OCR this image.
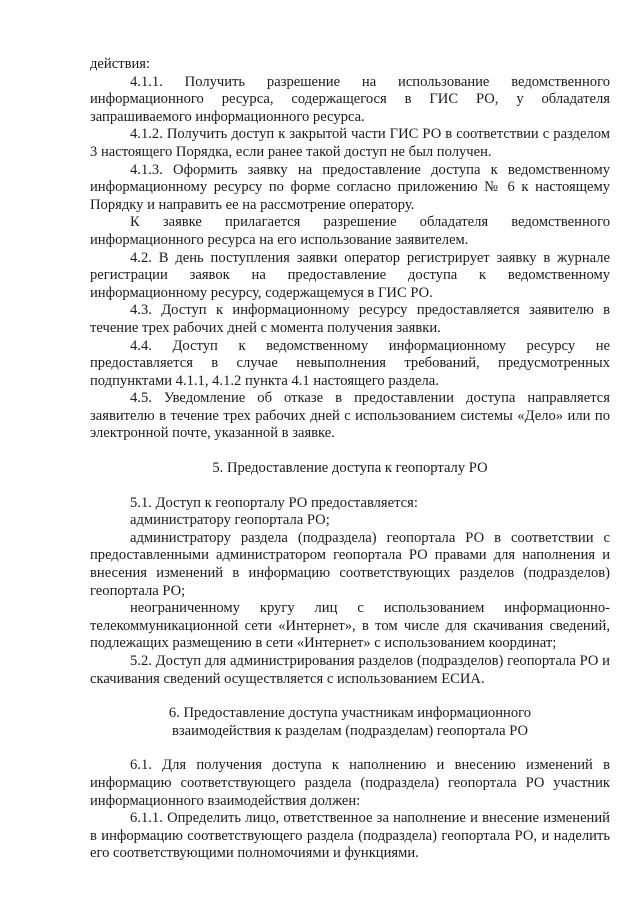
действия:

4.1.1. Получить разрешение на использование ведомственного информационного ресурса, содержащегося в ГИС РО, у обладателя запрашиваемого информационного ресурса.

4.1.2. Получить доступ к закрытой части ГИС РО в соответствии с разделом 3 настоящего Порядка, если ранее такой доступ не был получен.

4.1.3. Оформить заявку на предоставление доступа к ведомственному информационному ресурсу по форме согласно приложению № 6 к настоящему Порядку и направить ее на рассмотрение оператору.

К заявке прилагается разрешение обладателя ведомственного информационного ресурса на его использование заявителем.

4.2. В день поступления заявки оператор регистрирует заявку в журнале регистрации заявок на предоставление доступа к ведомственному информационному ресурсу, содержащемуся в ГИС РО.

4.3. Доступ к информационному ресурсу предоставляется заявителю в течение трех рабочих дней с момента получения заявки.

4.4. Доступ к ведомственному информационному ресурсу не предоставляется в случае невыполнения требований, предусмотренных подпунктами 4.1.1, 4.1.2 пункта 4.1 настоящего раздела.

4.5. Уведомление об отказе в предоставлении доступа направляется заявителю в течение трех рабочих дней с использованием системы «Дело» или по электронной почте, указанной в заявке.

5. Предоставление доступа к геопорталу РО

5.1. Доступ к геопорталу РО предоставляется:

администратору геопортала РО;

администратору раздела (подраздела) геопортала РО в соответствии с предоставленными администратором геопортала РО правами для наполнения и внесения изменений в информацию соответствующих разделов (подразделов) геопортала РО;

неограниченному кругу лиц с использованием информационно-телекоммуникационной сети «Интернет», в том числе для скачивания сведений, подлежащих размещению в сети «Интернет» с использованием координат;

5.2. Доступ для администрирования разделов (подразделов) геопортала РО и скачивания сведений осуществляется с использованием ЕСИА.

6. Предоставление доступа участникам информационного

взаимодействия к разделам (подразделам) геопортала РО

6.1. Для получения доступа к наполнению и внесению изменений в информацию соответствующего раздела (подраздела) геопортала РО участник информационного взаимодействия должен:

6.1.1. Определить лицо, ответственное за наполнение и внесение изменений в информацию соответствующего раздела (подраздела) геопортала РО, и наделить его соответствующими полномочиями и функциями.
